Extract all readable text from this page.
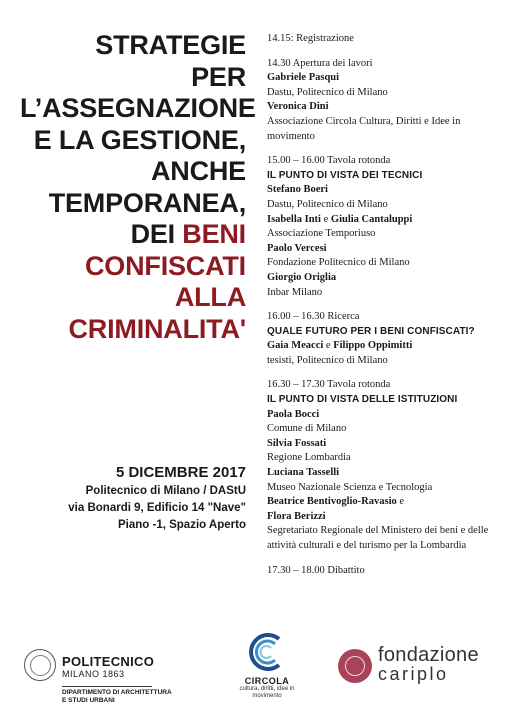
STRATEGIE
PER
L’ASSEGNAZIONE
E LA GESTIONE,
ANCHE
TEMPORANEA,
DEI BENI
CONFISCATI
ALLA
CRIMINALITA'
5 DICEMBRE 2017
Politecnico di Milano / DAStU
via Bonardi 9, Edificio 14 "Nave"
Piano -1, Spazio Aperto
14.15: Registrazione
14.30 Apertura dei lavori
Gabriele Pasqui
Dastu, Politecnico di Milano
Veronica Dini
Associazione Circola Cultura, Diritti e Idee in movimento
15.00 – 16.00 Tavola rotonda
IL PUNTO DI VISTA DEI TECNICI
Stefano Boeri
Dastu, Politecnico di Milano
Isabella Inti e Giulia Cantaluppi
Associazione Temporiuso
Paolo Vercesi
Fondazione Politecnico di Milano
Giorgio Origlia
Inbar Milano
16.00 – 16.30 Ricerca
QUALE FUTURO PER I BENI CONFISCATI?
Gaia Meacci e Filippo Oppimitti
tesisti, Politecnico di Milano
16.30 – 17.30 Tavola rotonda
IL PUNTO DI VISTA DELLE ISTITUZIONI
Paola Bocci
Comune di Milano
Silvia Fossati
Regione Lombardia
Luciana Tasselli
Museo Nazionale Scienza e Tecnologia
Beatrice Bentivoglio-Ravasio e
Flora Berizzi
Segretariato Regionale del Ministero dei beni e delle attività culturali e del turismo per la Lombardia
17.30 – 18.00 Dibattito
POLITECNICO
MILANO 1863
DIPARTIMENTO DI ARCHITETTURA E STUDI URBANI
CIRCOLA
cultura, diritti, idee in movimento
fondazione
cariplo
